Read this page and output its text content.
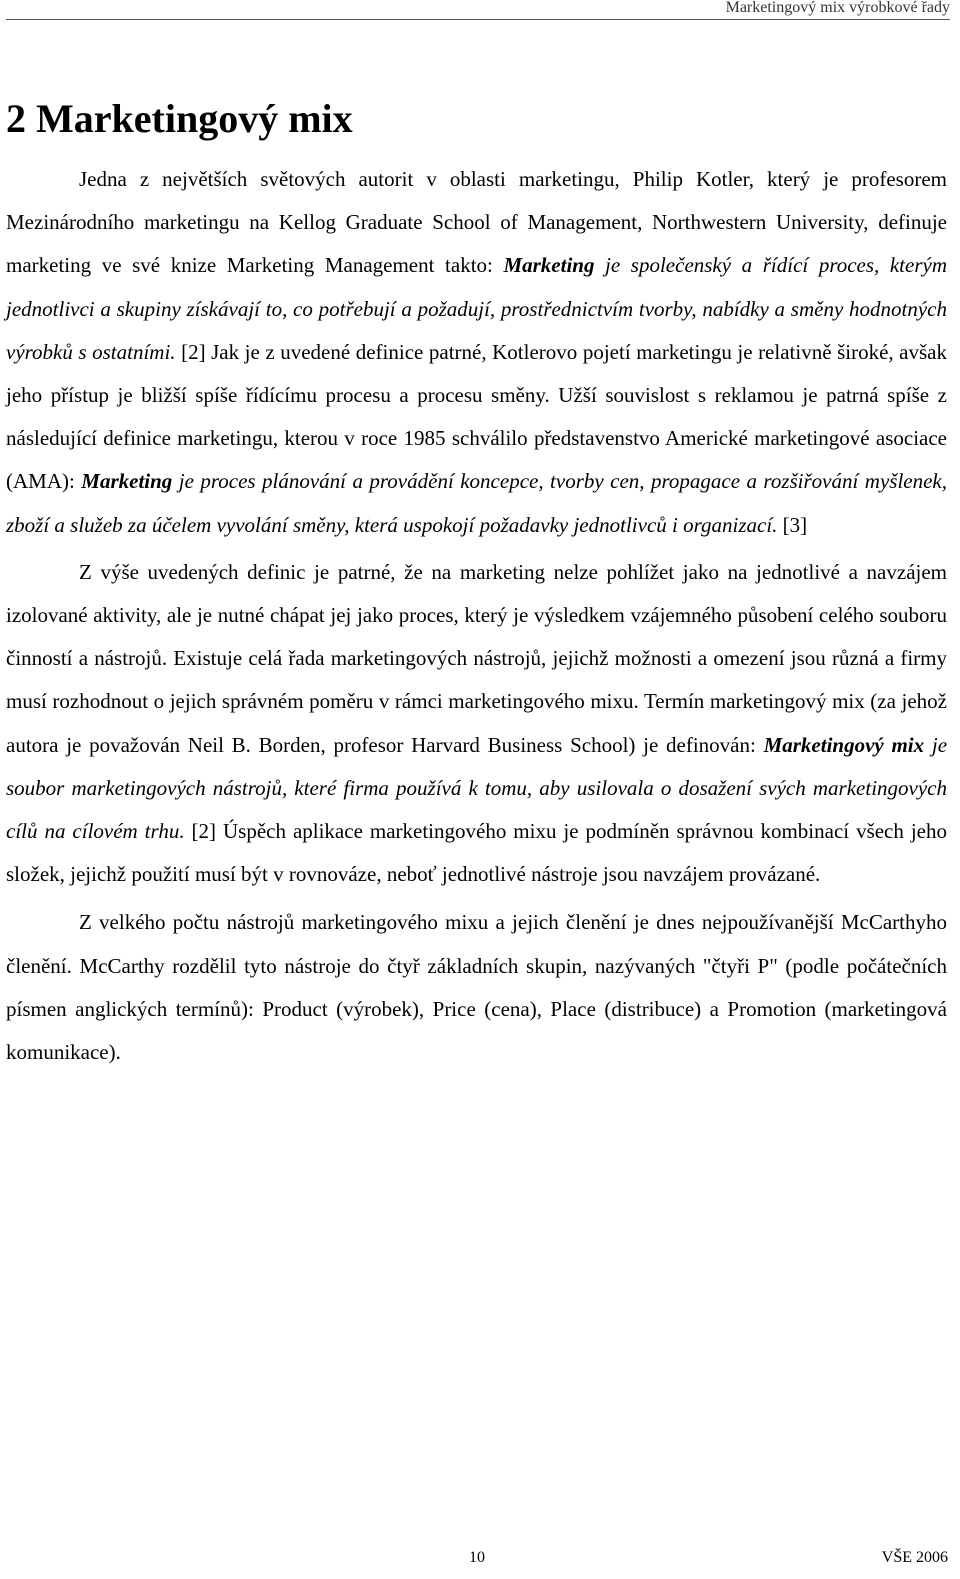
Marketingový mix výrobkové řady
2 Marketingový mix

Jedna z největších světových autorit v oblasti marketingu, Philip Kotler, který je profesorem Mezinárodního marketingu na Kellog Graduate School of Management, Northwestern University, definuje marketing ve své knize Marketing Management takto: Marketing je společenský a řídící proces, kterým jednotlivci a skupiny získávají to, co potřebují a požadují, prostřednictvím tvorby, nabídky a směny hodnotných výrobků s ostatními. [2] Jak je z uvedené definice patrné, Kotlerovo pojetí marketingu je relativně široké, avšak jeho přístup je bližší spíše řídícímu procesu a procesu směny. Užší souvislost s reklamou je patrná spíše z následující definice marketingu, kterou v roce 1985 schválilo představenstvo Americké marketingové asociace (AMA): Marketing je proces plánování a provádění koncepce, tvorby cen, propagace a rozšiřování myšlenek, zboží a služeb za účelem vyvolání směny, která uspokojí požadavky jednotlivců i organizací. [3]

Z výše uvedených definic je patrné, že na marketing nelze pohlížet jako na jednotlivé a navzájem izolované aktivity, ale je nutné chápat jej jako proces, který je výsledkem vzájemného působení celého souboru činností a nástrojů. Existuje celá řada marketingových nástrojů, jejichž možnosti a omezení jsou různá a firmy musí rozhodnout o jejich správném poměru v rámci marketingového mixu. Termín marketingový mix (za jehož autora je považován Neil B. Borden, profesor Harvard Business School) je definován: Marketingový mix je soubor marketingových nástrojů, které firma používá k tomu, aby usilovala o dosažení svých marketingových cílů na cílovém trhu. [2] Úspěch aplikace marketingového mixu je podmíněn správnou kombinací všech jeho složek, jejichž použití musí být v rovnováze, neboť jednotlivé nástroje jsou navzájem provázané.

Z velkého počtu nástrojů marketingového mixu a jejich členění je dnes nejpoužívanější McCarthyho členění. McCarthy rozdělil tyto nástroje do čtyř základních skupin, nazývaných "čtyři P" (podle počátečních písmen anglických termínů): Product (výrobek), Price (cena), Place (distribuce) a Promotion (marketingová komunikace).

10	VŠE 2006
